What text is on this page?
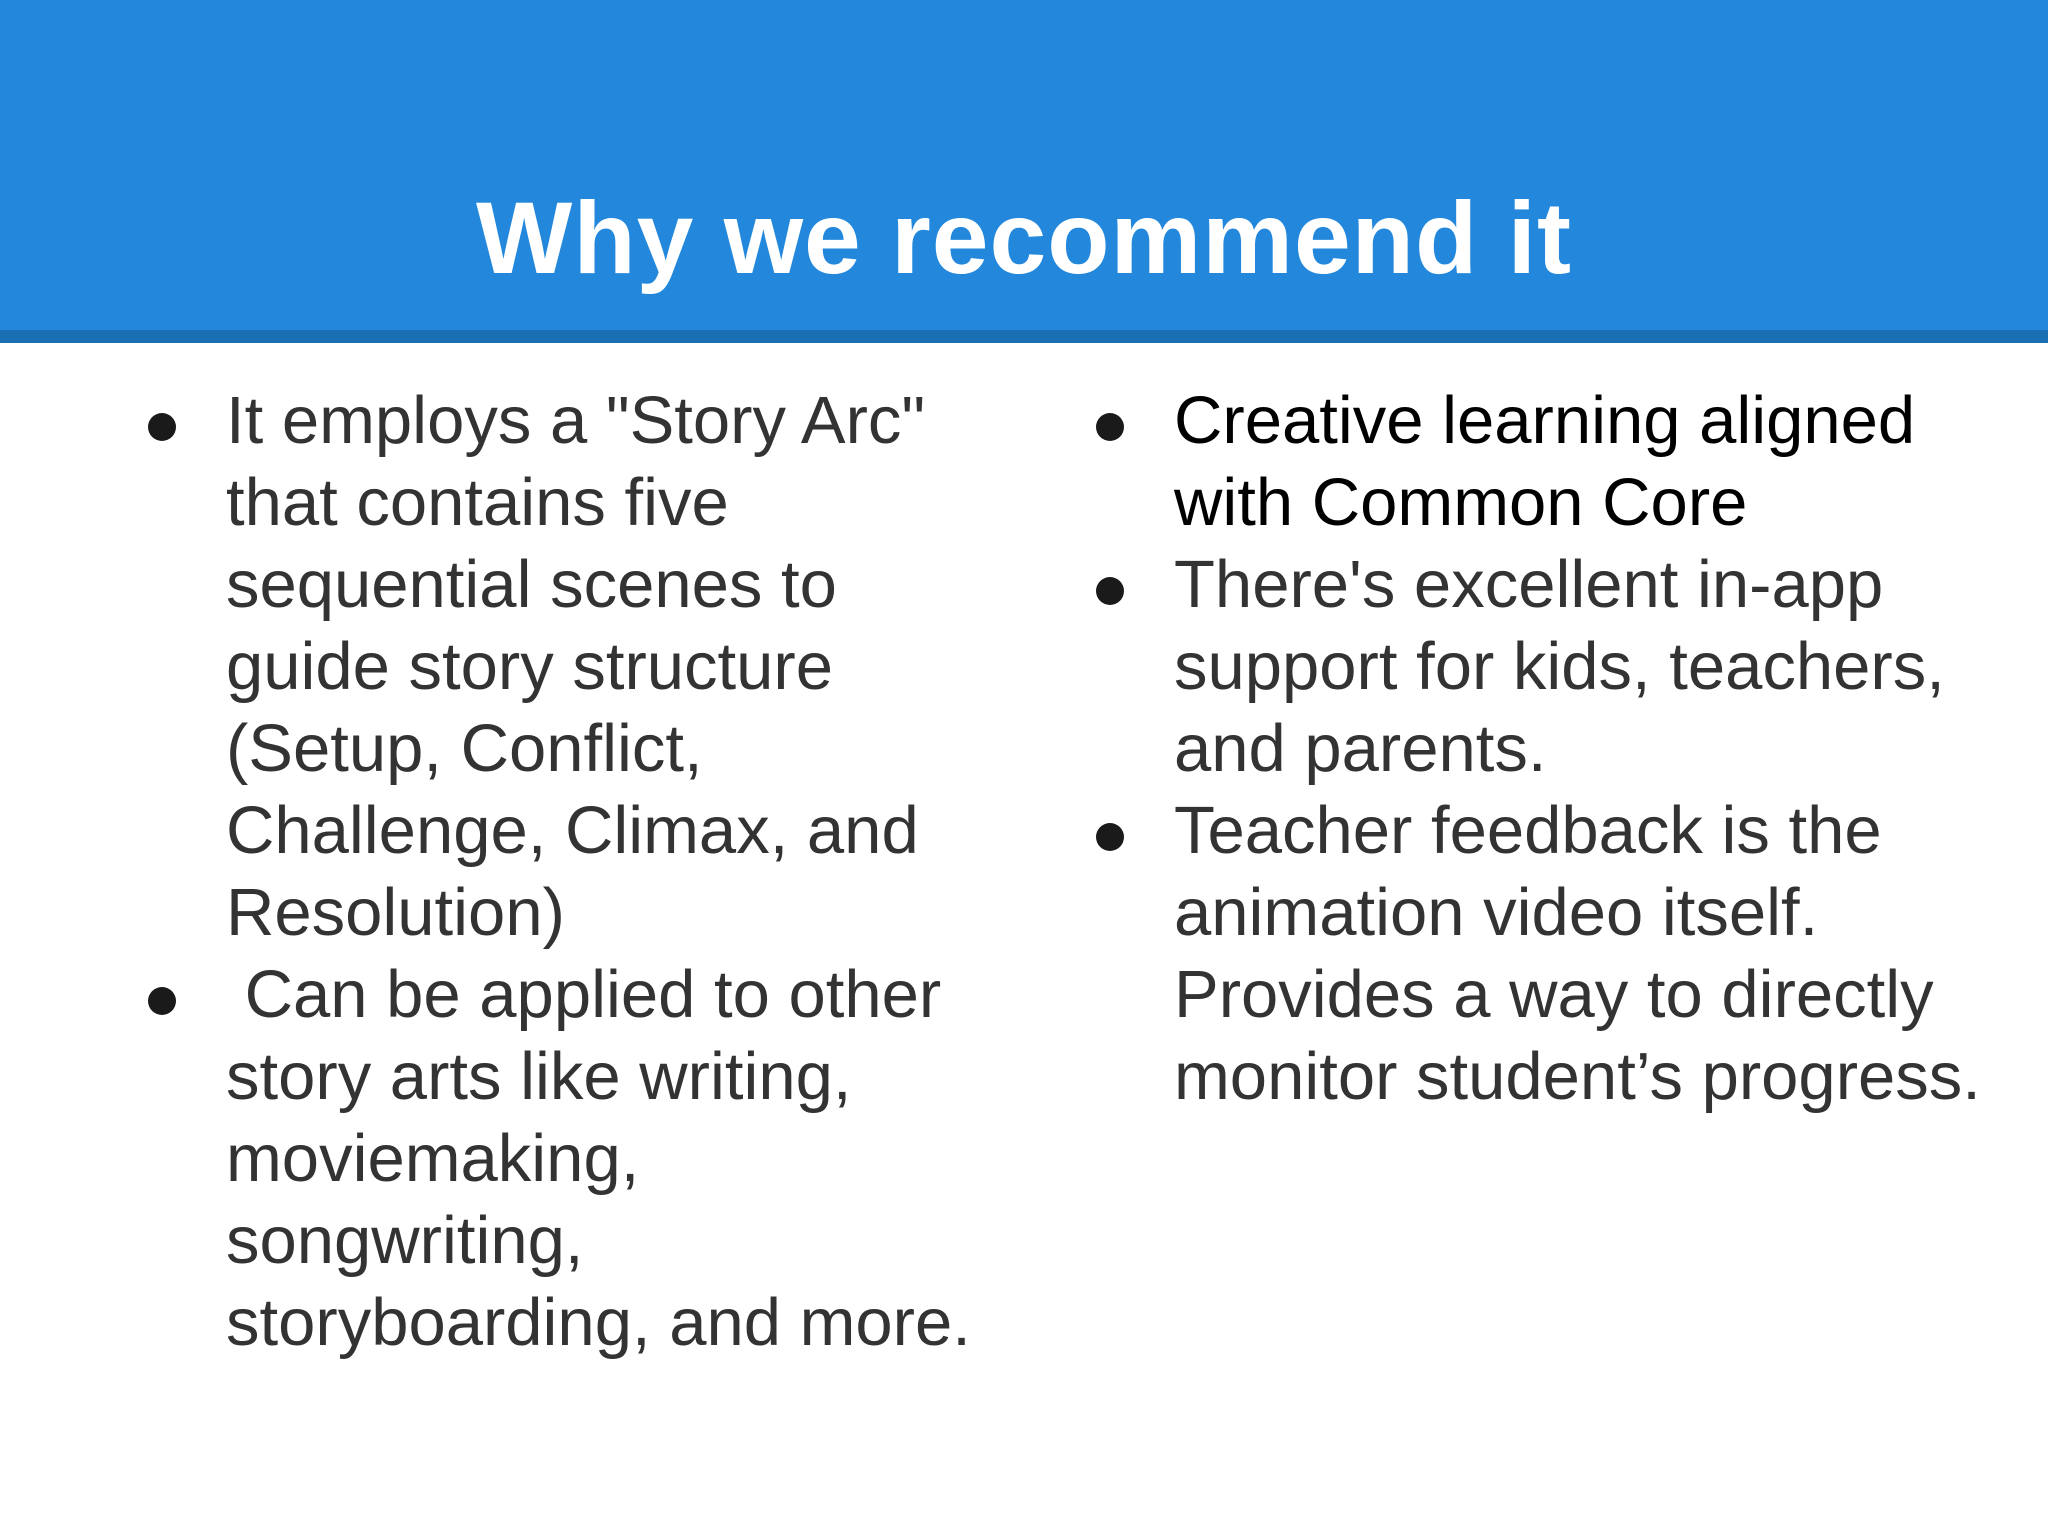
Why we recommend it
It employs a "Story Arc" that contains five sequential scenes to guide story structure (Setup, Conflict, Challenge, Climax, and Resolution)
Can be applied to other story arts like writing, moviemaking, songwriting, storyboarding, and more.
Creative learning aligned with Common Core
There's excellent in-app support for kids, teachers, and parents.
Teacher feedback is the animation video itself. Provides a way to directly monitor student’s progress.
